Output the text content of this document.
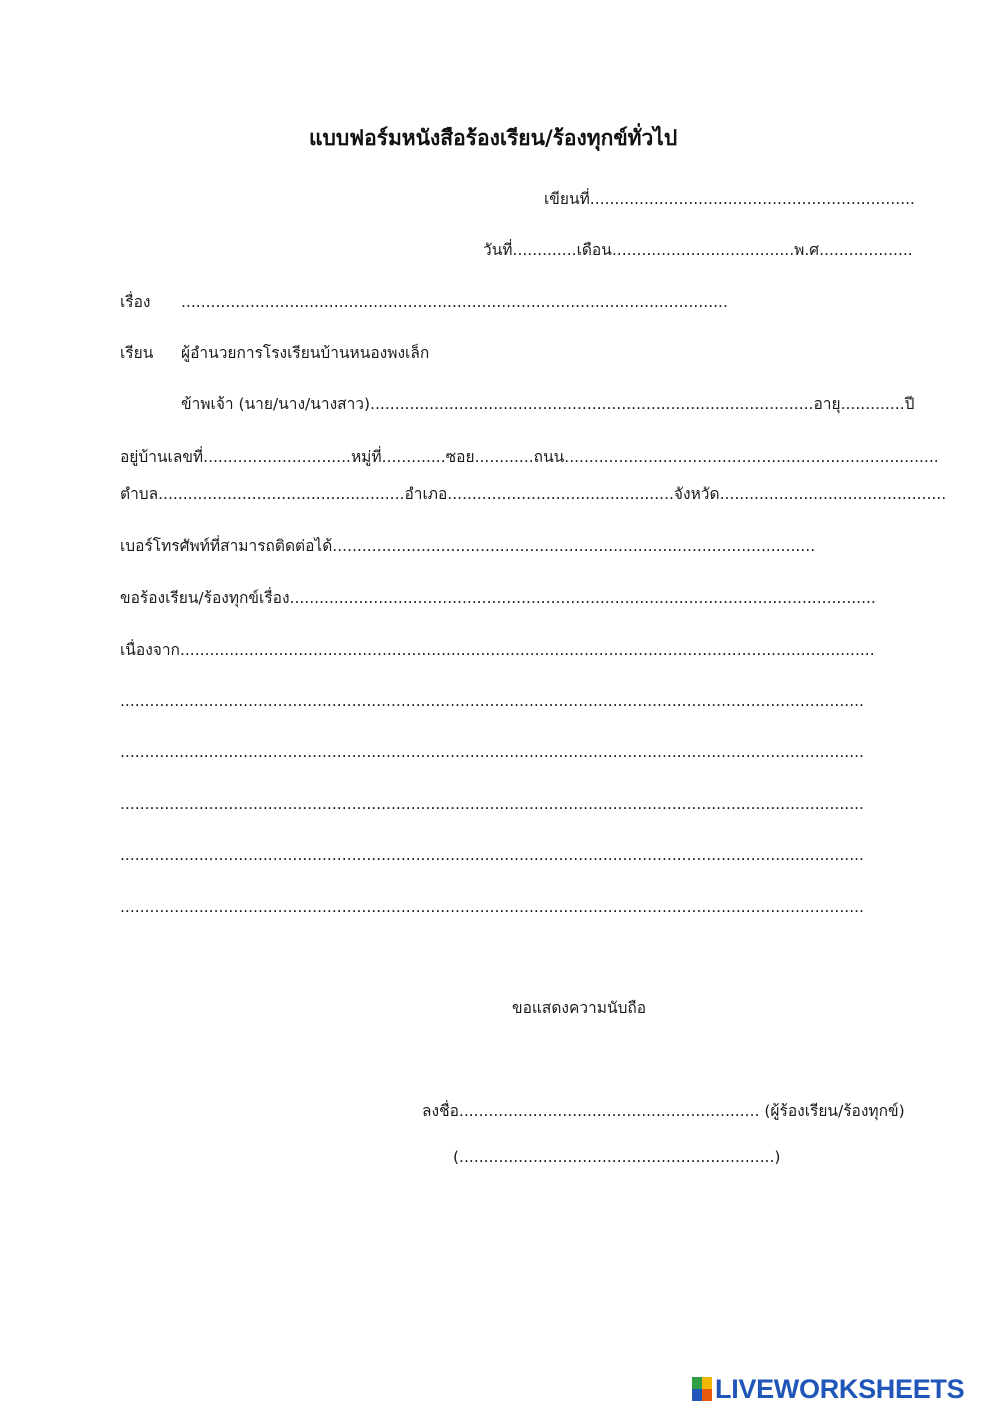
แบบฟอร์มหนังสือร้องเรียน/ร้องทุกข์ทั่วไป
เขียนที่..................................................................
วันที่.............เดือน.....................................พ.ศ...................
เรื่อง ...............................................................................................................
เรียน ผู้อำนวยการโรงเรียนบ้านหนองพงเล็ก
ข้าพเจ้า (นาย/นาง/นางสาว)..........................................................................................อายุ.............ปี
อยู่บ้านเลขที่..............................หมู่ที่.............ซอย............ถนน............................................................................
ตำบล..................................................อำเภอ..............................................จังหวัด..............................................
เบอร์โทรศัพท์ที่สามารถติดต่อได้..................................................................................................
ขอร้องเรียน/ร้องทุกข์เรื่อง.......................................................................................................................
เนื่องจาก.............................................................................................................................................
.......................................................................................................................................................
.......................................................................................................................................................
.......................................................................................................................................................
.......................................................................................................................................................
.......................................................................................................................................................
ขอแสดงความนับถือ
ลงชื่อ............................................................. (ผู้ร้องเรียน/ร้องทุกข์)
(................................................................)
LIVEWORKSHEETS
